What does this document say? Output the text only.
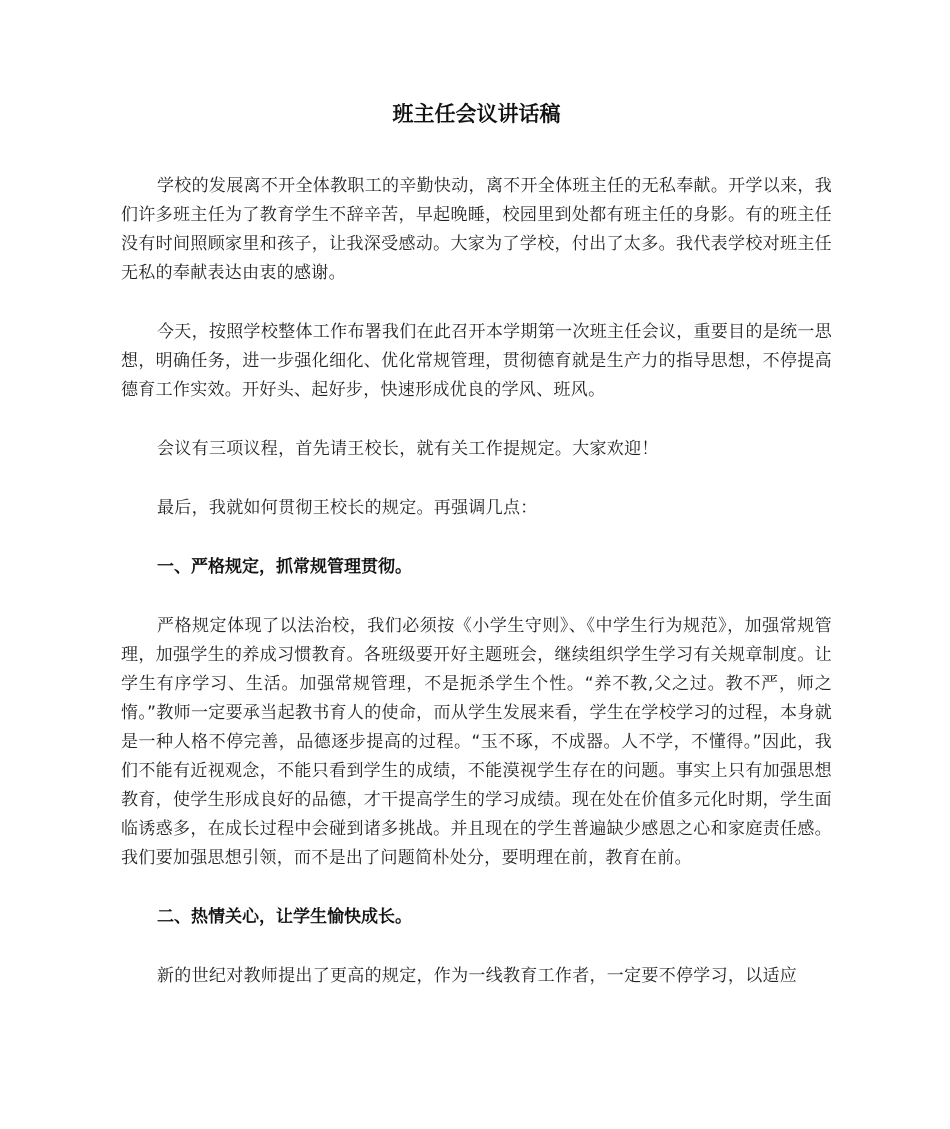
班主任会议讲话稿

学校的发展离不开全体教职工的辛勤快动，离不开全体班主任的无私奉献。开学以来，我们许多班主任为了教育学生不辞辛苦，早起晚睡，校园里到处都有班主任的身影。有的班主任没有时间照顾家里和孩子，让我深受感动。大家为了学校，付出了太多。我代表学校对班主任无私的奉献表达由衷的感谢。

今天，按照学校整体工作布署我们在此召开本学期第一次班主任会议，重要目的是统一思想，明确任务，进一步强化细化、优化常规管理，贯彻德育就是生产力的指导思想，不停提高德育工作实效。开好头、起好步，快速形成优良的学风、班风。

会议有三项议程，首先请王校长，就有关工作提规定。大家欢迎！

最后，我就如何贯彻王校长的规定。再强调几点：

一、严格规定，抓常规管理贯彻。

严格规定体现了以法治校，我们必须按《小学生守则》、《中学生行为规范》，加强常规管理，加强学生的养成习惯教育。各班级要开好主题班会，继续组织学生学习有关规章制度。让学生有序学习、生活。加强常规管理，不是扼杀学生个性。“养不教,父之过。教不严，师之惰。”教师一定要承当起教书育人的使命，而从学生发展来看，学生在学校学习的过程，本身就是一种人格不停完善，品德逐步提高的过程。“玉不琢，不成器。人不学，不懂得。”因此，我们不能有近视观念，不能只看到学生的成绩，不能漠视学生存在的问题。事实上只有加强思想教育，使学生形成良好的品德，才干提高学生的学习成绩。现在处在价值多元化时期，学生面临诱惑多，在成长过程中会碰到诸多挑战。并且现在的学生普遍缺少感恩之心和家庭责任感。我们要加强思想引领，而不是出了问题简朴处分，要明理在前，教育在前。

二、热情关心，让学生愉快成长。

新的世纪对教师提出了更高的规定，作为一线教育工作者，一定要不停学习，以适应
